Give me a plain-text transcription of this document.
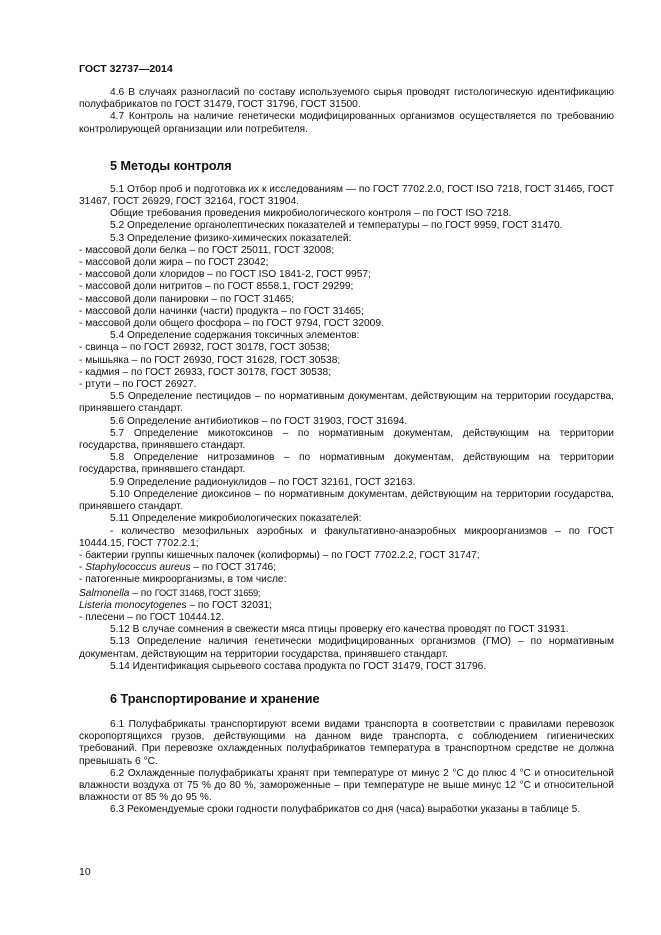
ГОСТ 32737—2014

4.6 В случаях разногласий по составу используемого сырья проводят гистологическую идентификацию полуфабрикатов по ГОСТ 31479, ГОСТ 31796, ГОСТ 31500.

4.7 Контроль на наличие генетически модифицированных организмов осуществляется по требованию контролирующей организации или потребителя.

5 Методы контроля

5.1 Отбор проб и подготовка их к исследованиям — по ГОСТ 7702.2.0, ГОСТ ISO 7218, ГОСТ 31465, ГОСТ 31467, ГОСТ 26929, ГОСТ 32164, ГОСТ 31904.

Общие требования проведения микробиологического контроля – по ГОСТ ISO 7218.

5.2 Определение органолептических показателей и температуры – по ГОСТ 9959, ГОСТ 31470.

5.3 Определение физико-химических показателей:

- массовой доли белка – по ГОСТ 25011, ГОСТ 32008;

- массовой доли жира – по ГОСТ 23042;

- массовой доли хлоридов – по ГОСТ ISO 1841-2, ГОСТ 9957;

- массовой доли нитритов – по ГОСТ 8558.1, ГОСТ 29299;

- массовой доли панировки – по ГОСТ 31465;

- массовой доли начинки (части) продукта – по ГОСТ 31465;

- массовой доли общего фосфора – по ГОСТ 9794, ГОСТ 32009.

5.4 Определение содержания токсичных элементов:

- свинца – по ГОСТ 26932, ГОСТ 30178, ГОСТ 30538;

- мышьяка – по ГОСТ 26930, ГОСТ 31628, ГОСТ 30538;

- кадмия – по ГОСТ 26933, ГОСТ 30178, ГОСТ 30538;

- ртути – по ГОСТ 26927.

5.5 Определение пестицидов – по нормативным документам, действующим на территории государства, принявшего стандарт.

5.6 Определение антибиотиков – по ГОСТ 31903, ГОСТ 31694.

5.7 Определение микотоксинов – по нормативным документам, действующим на территории государства, принявшего стандарт.

5.8 Определение нитрозаминов – по нормативным документам, действующим на территории государства, принявшего стандарт.

5.9 Определение радионуклидов – по ГОСТ 32161, ГОСТ 32163.

5.10 Определение диоксинов – по нормативным документам, действующим на территории государства, принявшего стандарт.

5.11 Определение микробиологических показателей:

- количество мезофильных аэробных и факультативно-анаэробных микроорганизмов – по ГОСТ 10444.15, ГОСТ 7702.2.1;

- бактерии группы кишечных палочек (колиформы) – по ГОСТ 7702.2.2, ГОСТ 31747;

- Staphylococcus aureus – по ГОСТ 31746;

- патогенные микроорганизмы, в том числе:

Salmonella – по ГОСТ 31468, ГОСТ 31659;

Listeria monocytogenes – по ГОСТ 32031;

- плесени – по ГОСТ 10444.12.

5.12 В случае сомнения в свежести мяса птицы проверку его качества проводят по ГОСТ 31931.

5.13 Определение наличия генетически модифицированных организмов (ГМО) – по нормативным документам, действующим на территории государства, принявшего стандарт.

5.14 Идентификация сырьевого состава продукта по ГОСТ 31479, ГОСТ 31796.

6 Транспортирование и хранение

6.1 Полуфабрикаты транспортируют всеми видами транспорта в соответствии с правилами перевозок скоропортящихся грузов, действующими на данном виде транспорта, с соблюдением гигиенических требований. При перевозке охлажденных полуфабрикатов температура в транспортном средстве не должна превышать 6 °С.

6.2 Охлажденные полуфабрикаты хранят при температуре от минус 2 °С до плюс 4 °С и относительной влажности воздуха от 75 % до 80 %, замороженные – при температуре не выше минус 12 °С и относительной влажности от 85 % до 95 %.

6.3 Рекомендуемые сроки годности полуфабрикатов со дня (часа) выработки указаны в таблице 5.

10
